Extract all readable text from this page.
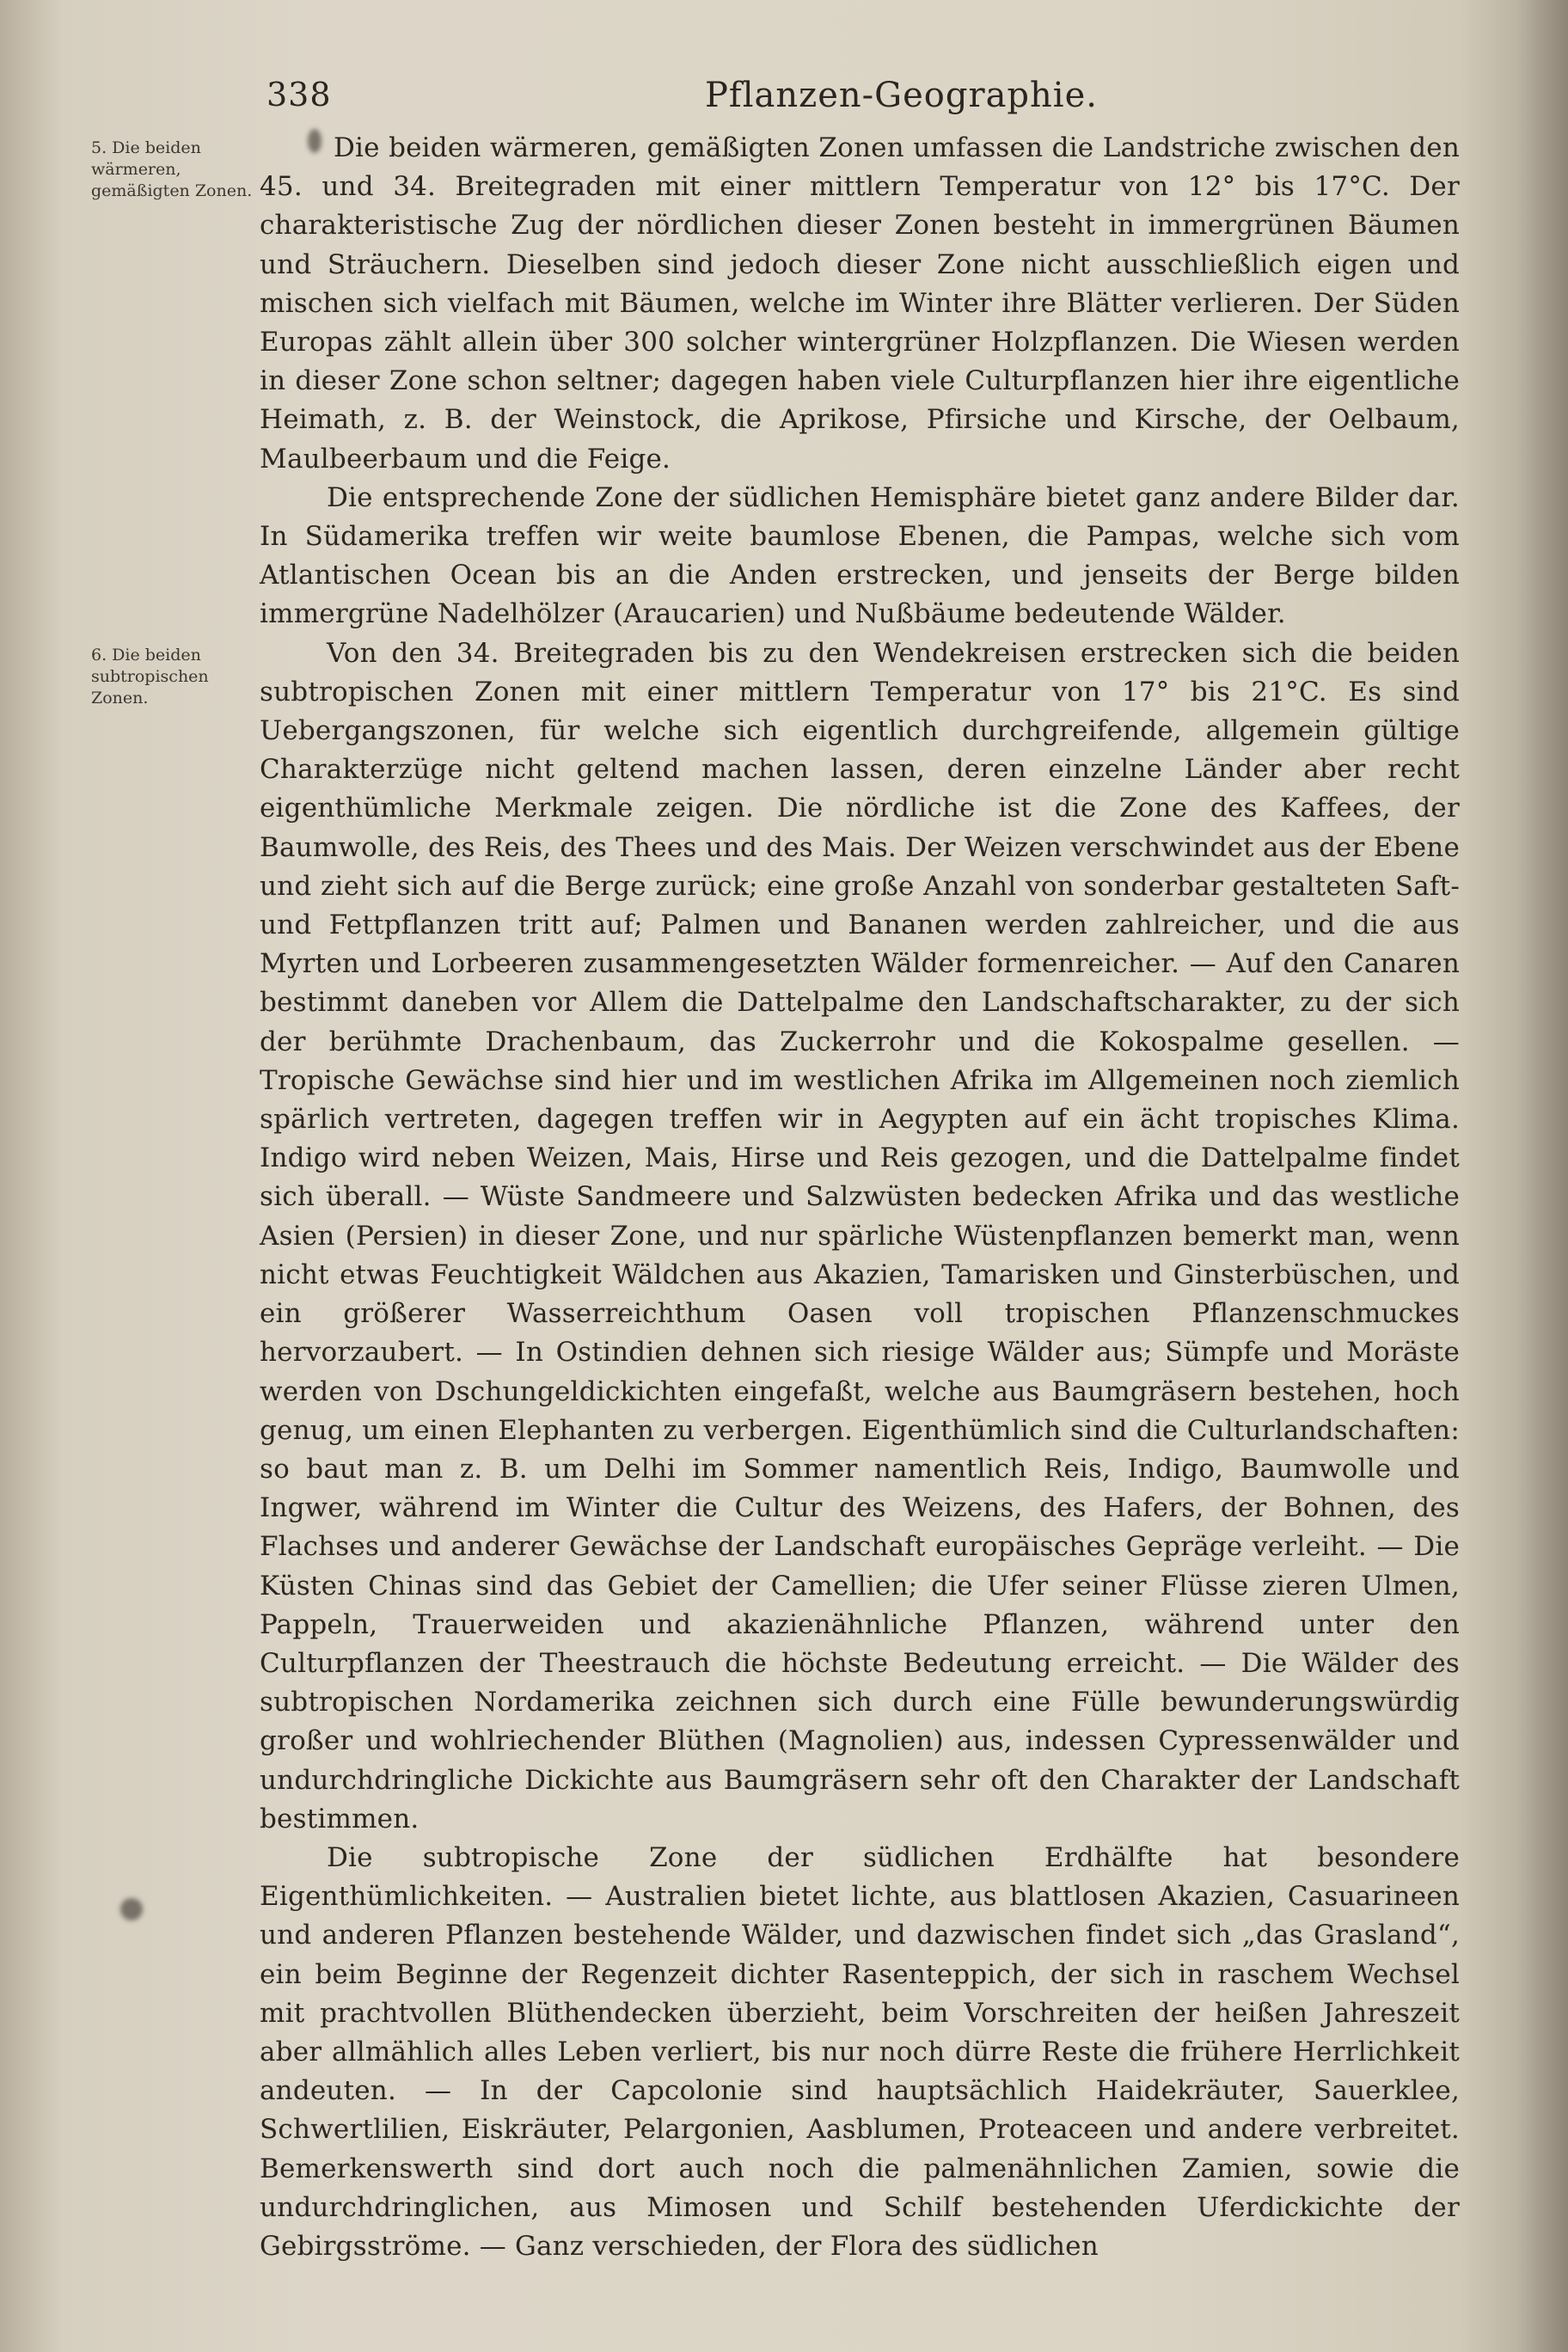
338	Pflanzen-Geographie.
5. Die beiden wärmeren, gemäßigten Zonen.
6. Die beiden subtropischen Zonen.

Die beiden wärmeren, gemäßigten Zonen umfassen die Landstriche zwischen den 45. und 34. Breitegraden mit einer mittlern Temperatur von 12° bis 17°C. Der charakteristische Zug der nördlichen dieser Zonen besteht in immergrünen Bäumen und Sträuchern. Dieselben sind jedoch dieser Zone nicht ausschließlich eigen und mischen sich vielfach mit Bäumen, welche im Winter ihre Blätter verlieren. Der Süden Europas zählt allein über 300 solcher wintergrüner Holzpflanzen. Die Wiesen werden in dieser Zone schon seltner; dagegen haben viele Culturpflanzen hier ihre eigentliche Heimath, z. B. der Weinstock, die Aprikose, Pfirsiche und Kirsche, der Oelbaum, Maulbeerbaum und die Feige.

Die entsprechende Zone der südlichen Hemisphäre bietet ganz andere Bilder dar. In Südamerika treffen wir weite baumlose Ebenen, die Pampas, welche sich vom Atlantischen Ocean bis an die Anden erstrecken, und jenseits der Berge bilden immergrüne Nadelhölzer (Araucarien) und Nußbäume bedeutende Wälder.

Von den 34. Breitegraden bis zu den Wendekreisen erstrecken sich die beiden subtropischen Zonen mit einer mittlern Temperatur von 17° bis 21°C. Es sind Uebergangszonen, für welche sich eigentlich durchgreifende, allgemein gültige Charakterzüge nicht geltend machen lassen, deren einzelne Länder aber recht eigenthümliche Merkmale zeigen. Die nördliche ist die Zone des Kaffees, der Baumwolle, des Reis, des Thees und des Mais. Der Weizen verschwindet aus der Ebene und zieht sich auf die Berge zurück; eine große Anzahl von sonderbar gestalteten Saft- und Fettpflanzen tritt auf; Palmen und Bananen werden zahlreicher, und die aus Myrten und Lorbeeren zusammengesetzten Wälder formenreicher. — Auf den Canaren bestimmt daneben vor Allem die Dattelpalme den Landschaftscharakter, zu der sich der berühmte Drachenbaum, das Zuckerrohr und die Kokospalme gesellen. — Tropische Gewächse sind hier und im westlichen Afrika im Allgemeinen noch ziemlich spärlich vertreten, dagegen treffen wir in Aegypten auf ein ächt tropisches Klima. Indigo wird neben Weizen, Mais, Hirse und Reis gezogen, und die Dattelpalme findet sich überall. — Wüste Sandmeere und Salzwüsten bedecken Afrika und das westliche Asien (Persien) in dieser Zone, und nur spärliche Wüstenpflanzen bemerkt man, wenn nicht etwas Feuchtigkeit Wäldchen aus Akazien, Tamarisken und Ginsterbüschen, und ein größerer Wasserreichthum Oasen voll tropischen Pflanzenschmuckes hervorzaubert. — In Ostindien dehnen sich riesige Wälder aus; Sümpfe und Moräste werden von Dschungeldickichten eingefaßt, welche aus Baumgräsern bestehen, hoch genug, um einen Elephanten zu verbergen. Eigenthümlich sind die Culturlandschaften: so baut man z. B. um Delhi im Sommer namentlich Reis, Indigo, Baumwolle und Ingwer, während im Winter die Cultur des Weizens, des Hafers, der Bohnen, des Flachses und anderer Gewächse der Landschaft europäisches Gepräge verleiht. — Die Küsten Chinas sind das Gebiet der Camellien; die Ufer seiner Flüsse zieren Ulmen, Pappeln, Trauerweiden und akazienähnliche Pflanzen, während unter den Culturpflanzen der Theestrauch die höchste Bedeutung erreicht. — Die Wälder des subtropischen Nordamerika zeichnen sich durch eine Fülle bewunderungswürdig großer und wohlriechender Blüthen (Magnolien) aus, indessen Cypressenwälder und undurchdringliche Dickichte aus Baumgräsern sehr oft den Charakter der Landschaft bestimmen.

Die subtropische Zone der südlichen Erdhälfte hat besondere Eigenthümlichkeiten. — Australien bietet lichte, aus blattlosen Akazien, Casuarineen und anderen Pflanzen bestehende Wälder, und dazwischen findet sich „das Grasland“, ein beim Beginne der Regenzeit dichter Rasenteppich, der sich in raschem Wechsel mit prachtvollen Blüthendecken überzieht, beim Vorschreiten der heißen Jahreszeit aber allmählich alles Leben verliert, bis nur noch dürre Reste die frühere Herrlichkeit andeuten. — In der Capcolonie sind hauptsächlich Haidekräuter, Sauerklee, Schwertlilien, Eiskräuter, Pelargonien, Aasblumen, Proteaceen und andere verbreitet. Bemerkenswerth sind dort auch noch die palmenähnlichen Zamien, sowie die undurchdringlichen, aus Mimosen und Schilf bestehenden Uferdickichte der Gebirgsströme. — Ganz verschieden, der Flora des südlichen
